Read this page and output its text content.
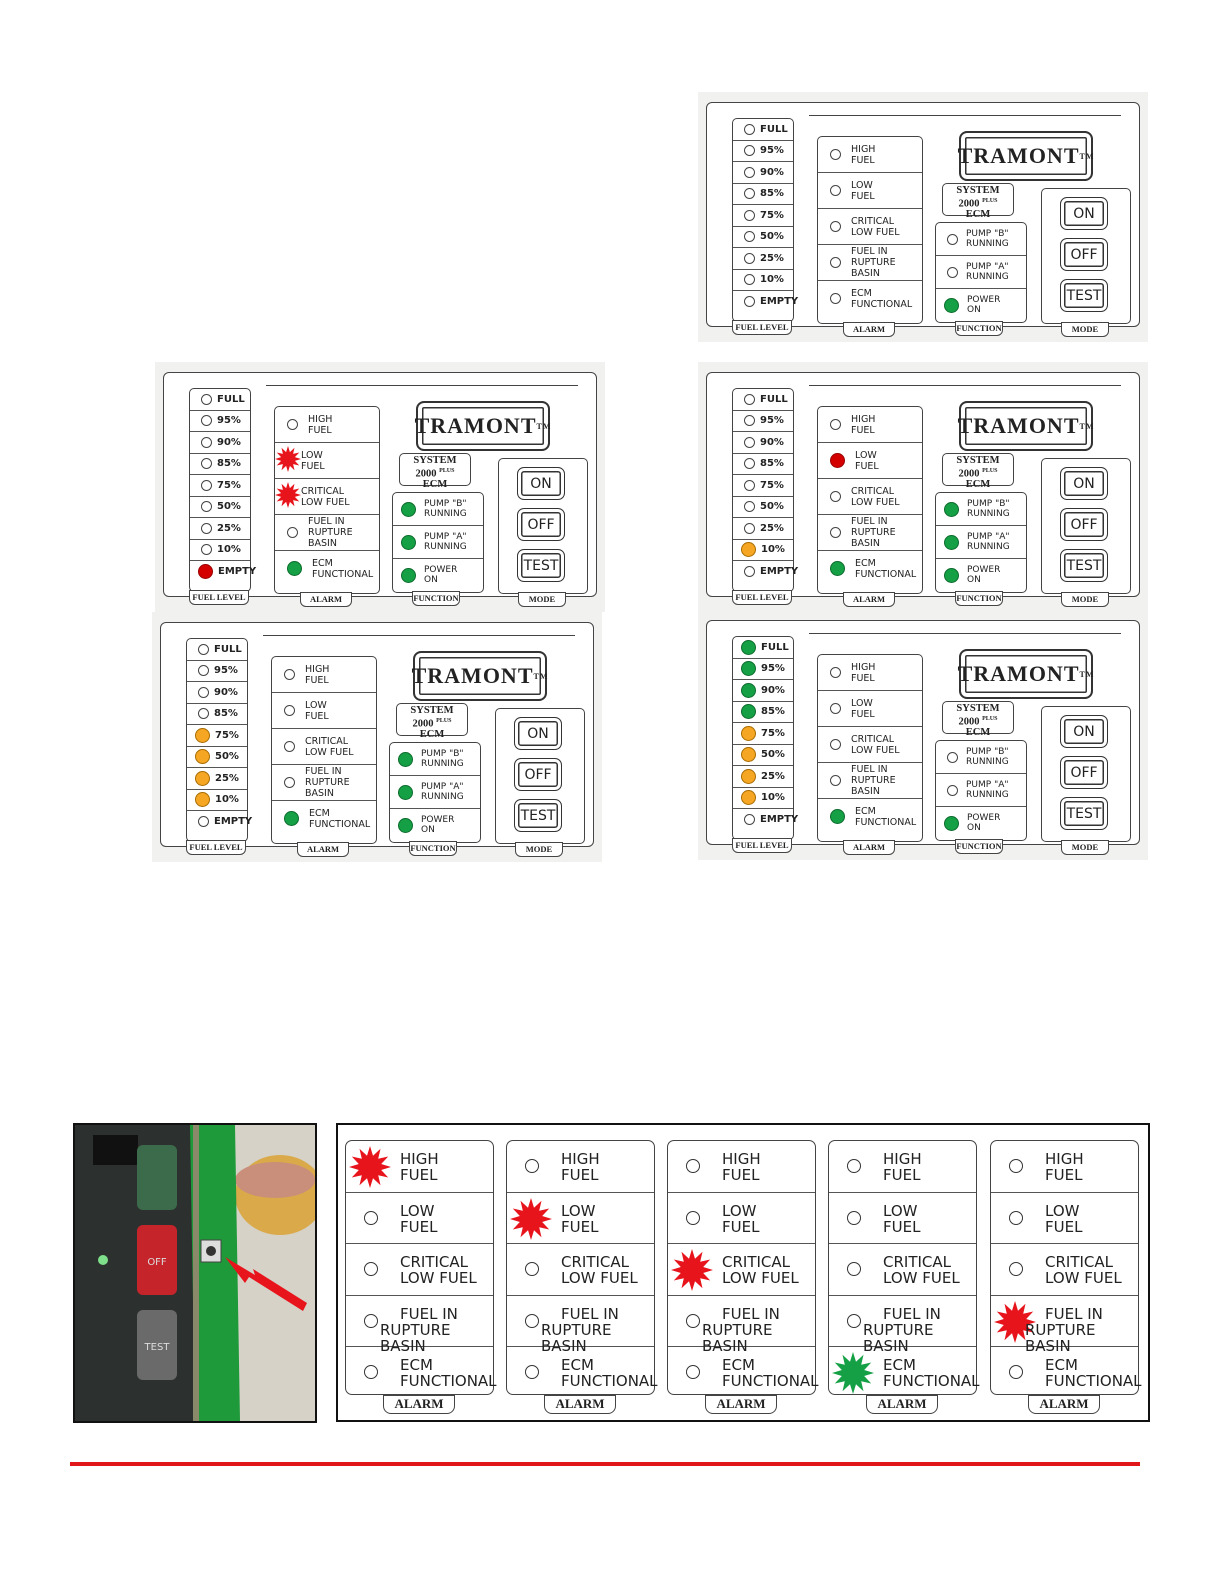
FULL
95%
90%
85%
75%
50%
25%
10%
EMPTY
FUEL LEVEL
HIGH
FUEL
LOW
FUEL
CRITICAL
LOW FUEL
FUEL IN
RUPTURE BASIN
ECM
FUNCTIONAL
ALARM
TRAMONT TM
SYSTEM
2000 $^{PLUS}$
ECM
PUMP "B"
RUNNING
PUMP "A"
RUNNING
POWER
ON
FUNCTION
ON
OFF
TEST
MODE
FULL
95%
90%
85%
75%
50%
25%
10%
EMPTY
FUEL LEVEL
HIGH
FUEL
LOW
FUEL
CRITICAL
LOW FUEL
FUEL IN
RUPTURE BASIN
ECM
FUNCTIONAL
ALARM
TRAMONT TM
SYSTEM
2000 $^{PLUS}$
ECM
PUMP "B"
RUNNING
PUMP "A"
RUNNING
POWER
ON
FUNCTION
ON
OFF
TEST
MODE
FULL
95%
90%
85%
75%
50%
25%
10%
EMPTY
FUEL LEVEL
HIGH
FUEL
LOW
FUEL
CRITICAL
LOW FUEL
FUEL IN
RUPTURE BASIN
ECM
FUNCTIONAL
ALARM
TRAMONT TM
SYSTEM
2000 $^{PLUS}$
ECM
PUMP "B"
RUNNING
PUMP "A"
RUNNING
POWER
ON
FUNCTION
ON
OFF
TEST
MODE
FULL
95%
90%
85%
75%
50%
25%
10%
EMPTY
FUEL LEVEL
HIGH
FUEL
LOW
FUEL
CRITICAL
LOW FUEL
FUEL IN
RUPTURE BASIN
ECM
FUNCTIONAL
ALARM
TRAMONT TM
SYSTEM
2000 $^{PLUS}$
ECM
PUMP "B"
RUNNING
PUMP "A"
RUNNING
POWER
ON
FUNCTION
ON
OFF
TEST
MODE
FULL
95%
90%
85%
75%
50%
25%
10%
EMPTY
FUEL LEVEL
HIGH
FUEL
LOW
FUEL
CRITICAL
LOW FUEL
FUEL IN
RUPTURE BASIN
ECM
FUNCTIONAL
ALARM
TRAMONT TM
SYSTEM
2000 $^{PLUS}$
ECM
PUMP "B"
RUNNING
PUMP "A"
RUNNING
POWER
ON
FUNCTION
ON
OFF
TEST
MODE
OFF
TEST
HIGH
FUEL
LOW
FUEL
CRITICAL
LOW FUEL
FUEL IN
RUPTURE BASIN
ECM
FUNCTIONAL
ALARM
HIGH
FUEL
LOW
FUEL
CRITICAL
LOW FUEL
FUEL IN
RUPTURE BASIN
ECM
FUNCTIONAL
ALARM
HIGH
FUEL
LOW
FUEL
CRITICAL
LOW FUEL
FUEL IN
RUPTURE BASIN
ECM
FUNCTIONAL
ALARM
HIGH
FUEL
LOW
FUEL
CRITICAL
LOW FUEL
FUEL IN
RUPTURE BASIN
ECM
FUNCTIONAL
ALARM
HIGH
FUEL
LOW
FUEL
CRITICAL
LOW FUEL
FUEL IN
RUPTURE BASIN
ECM
FUNCTIONAL
ALARM
